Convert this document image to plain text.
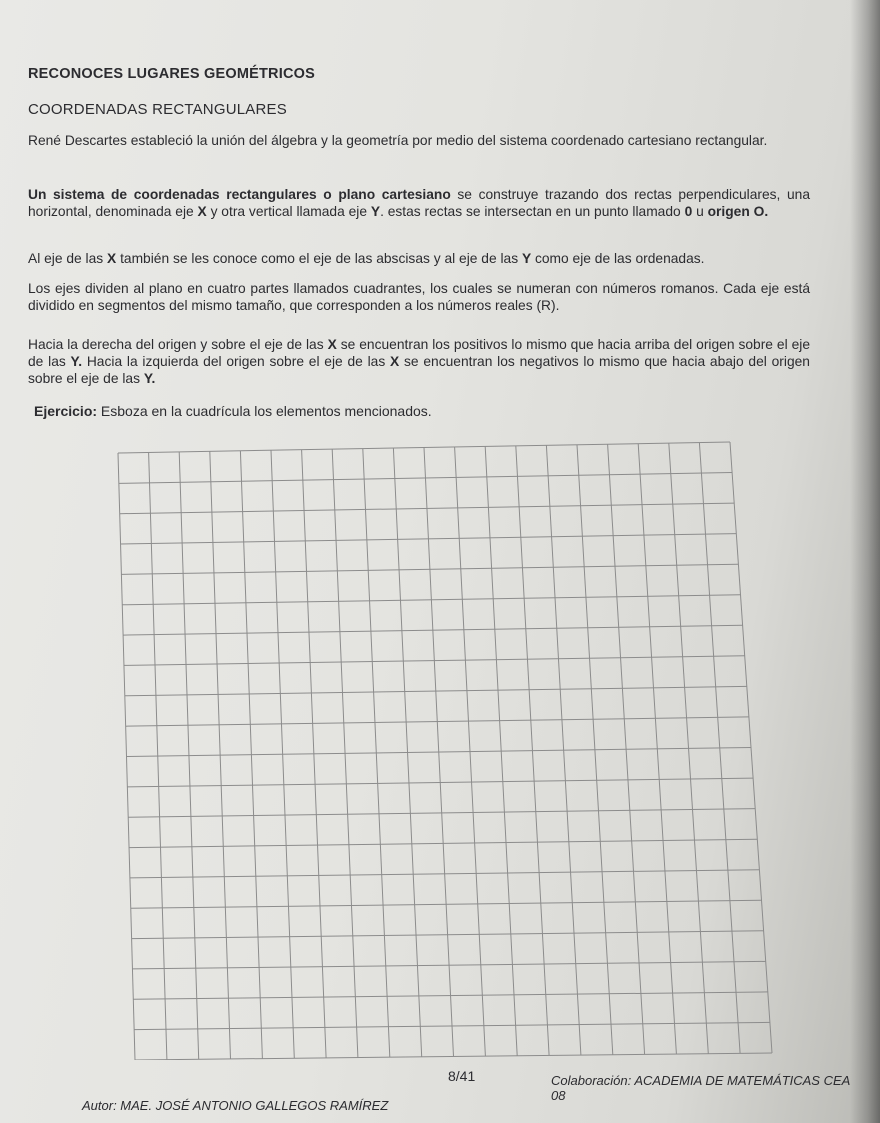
RECONOCES LUGARES GEOMÉTRICOS

COORDENADAS RECTANGULARES

René Descartes estableció la unión del álgebra y la geometría por medio del sistema coordenado cartesiano rectangular.

Un sistema de coordenadas rectangulares o plano cartesiano se construye trazando dos rectas perpendiculares, una horizontal, denominada eje X y otra vertical llamada eje Y. estas rectas se intersectan en un punto llamado 0 u origen O.

Al eje de las X también se les conoce como el eje de las abscisas y al eje de las Y como eje de las ordenadas.

Los ejes dividen al plano en cuatro partes llamados cuadrantes, los cuales se numeran con números romanos. Cada eje está dividido en segmentos del mismo tamaño, que corresponden a los números reales (R).

Hacia la derecha del origen y sobre el eje de las X se encuentran los positivos lo mismo que hacia arriba del origen sobre el eje de las Y. Hacia la izquierda del origen sobre el eje de las X se encuentran los negativos lo mismo que hacia abajo del origen sobre el eje de las Y.

Ejercicio: Esboza en la cuadrícula los elementos mencionados.

Autor: MAE. JOSÉ ANTONIO GALLEGOS RAMÍREZ

8/41	Colaboración: ACADEMIA DE MATEMÁTICAS CEA 08
